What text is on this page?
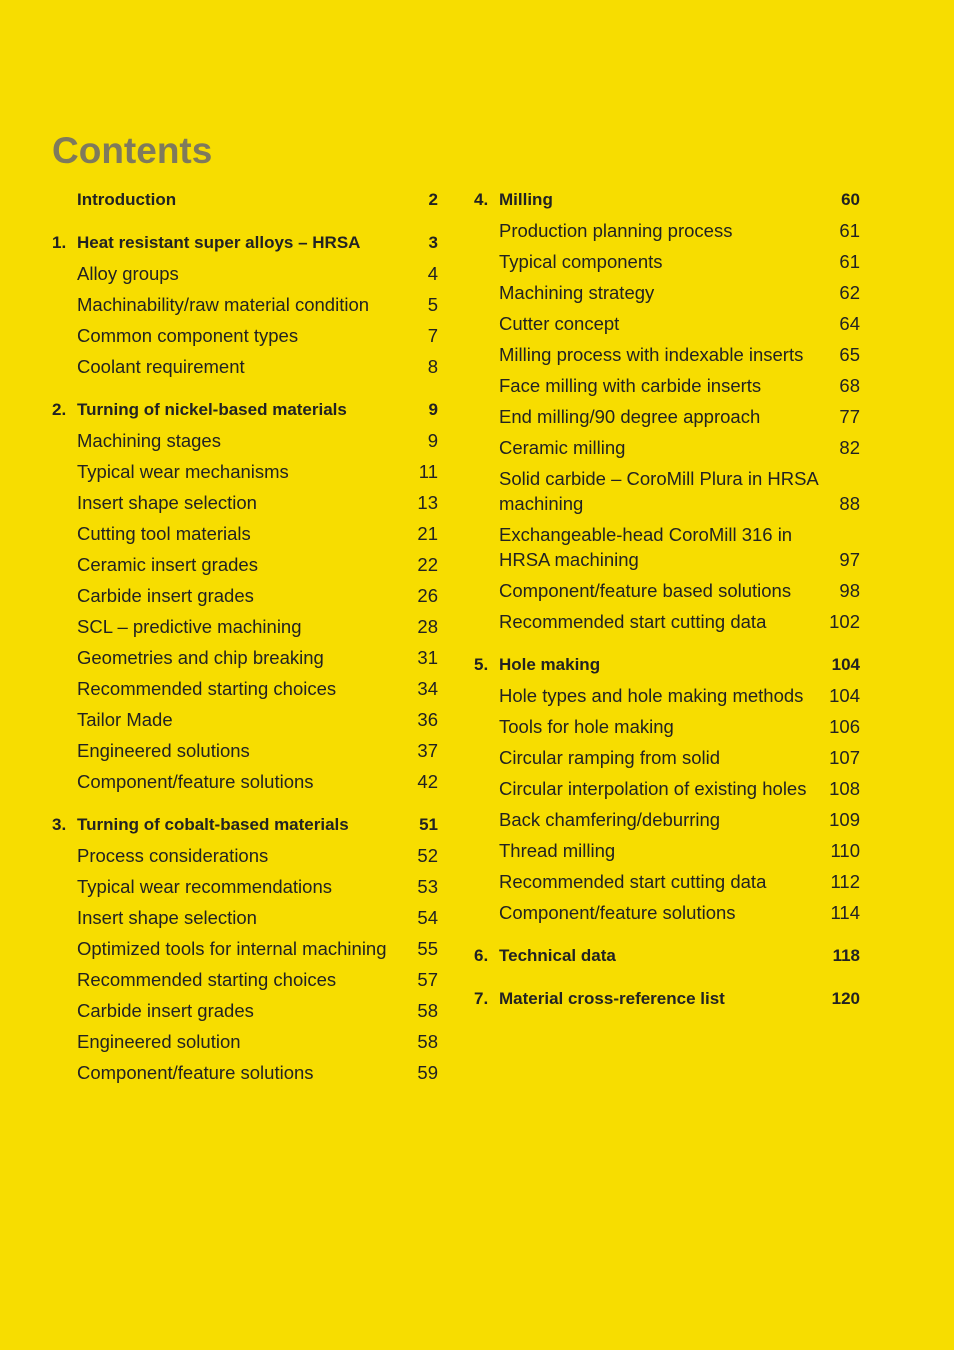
Contents
Introduction	2
1. Heat resistant super alloys – HRSA	3
Alloy groups	4
Machinability/raw material condition	5
Common component types	7
Coolant requirement	8
2. Turning of nickel-based materials	9
Machining stages	9
Typical wear mechanisms	11
Insert shape selection	13
Cutting tool materials	21
Ceramic insert grades	22
Carbide insert grades	26
SCL – predictive machining	28
Geometries and chip breaking	31
Recommended starting choices	34
Tailor Made	36
Engineered solutions	37
Component/feature solutions	42
3. Turning of cobalt-based materials	51
Process considerations	52
Typical wear recommendations	53
Insert shape selection	54
Optimized tools for internal machining	55
Recommended starting choices	57
Carbide insert grades	58
Engineered solution	58
Component/feature solutions	59
4. Milling	60
Production planning process	61
Typical components	61
Machining strategy	62
Cutter concept	64
Milling process with indexable inserts	65
Face milling with carbide inserts	68
End milling/90 degree approach	77
Ceramic milling	82
Solid carbide – CoroMill Plura in HRSA machining	88
Exchangeable-head CoroMill 316 in HRSA machining	97
Component/feature based solutions	98
Recommended start cutting data	102
5. Hole making	104
Hole types and hole making methods	104
Tools for hole making	106
Circular ramping from solid	107
Circular interpolation of existing holes	108
Back chamfering/deburring	109
Thread milling	110
Recommended start cutting data	112
Component/feature solutions	114
6. Technical data	118
7. Material cross-reference list	120
